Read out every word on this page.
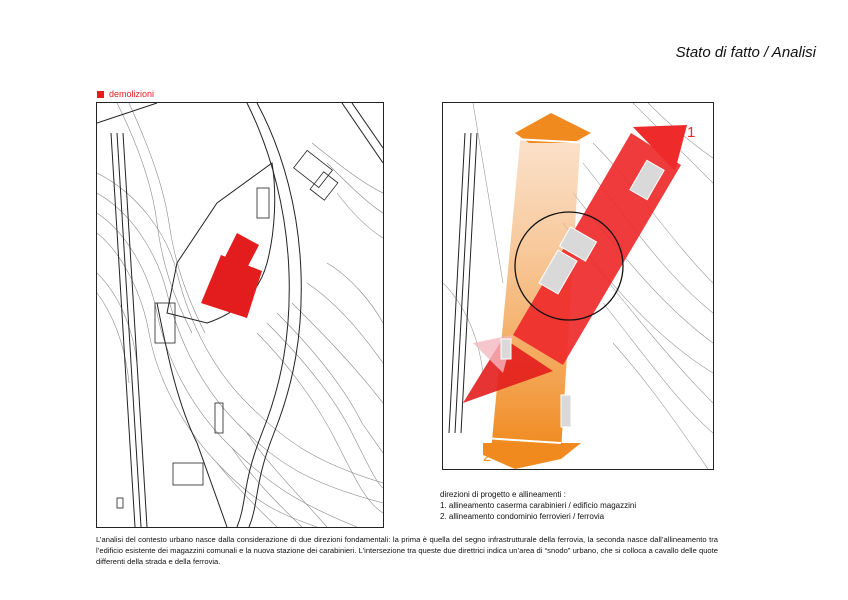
Stato di fatto / Analisi
demolizioni
1
2
direzioni di progetto e allineamenti :
1. allineamento caserma carabinieri / edificio magazzini
2. allineamento condominio ferrovieri / ferrovia
L’analisi del contesto urbano nasce dalla considerazione di due direzioni fondamentali: la prima è quella del segno infrastrutturale della ferrovia, la seconda nasce dall’allineamento tra l’edificio esistente dei magazzini comunali e la nuova stazione dei carabinieri. L’intersezione tra queste due direttrici indica un’area di “snodo” urbano, che si colloca a cavallo delle quote differenti della strada e della ferrovia.
